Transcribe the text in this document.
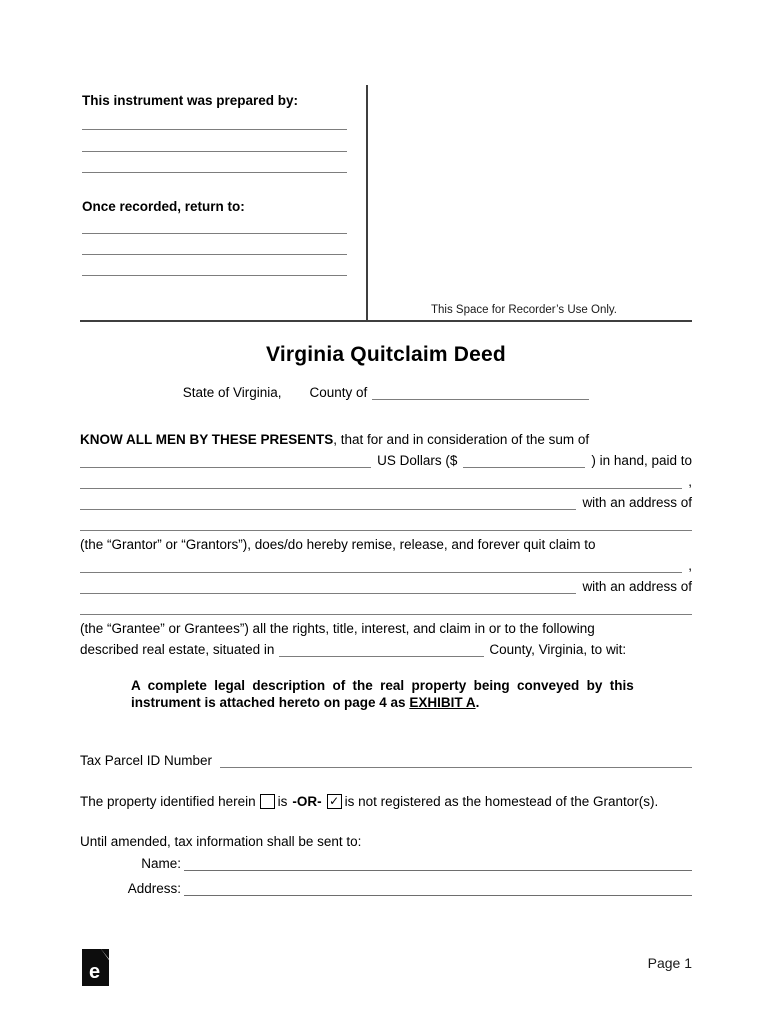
This instrument was prepared by:
Once recorded, return to:
This Space for Recorder’s Use Only.
Virginia Quitclaim Deed
State of Virginia, County of
KNOW ALL MEN BY THESE PRESENTS , that for and in consideration of the sum of
US Dollars ($	) in hand, paid to
,
with an address of
(the “Grantor” or “Grantors”), does/do hereby remise, release, and forever quit claim to
,
with an address of
(the “Grantee” or Grantees”) all the rights, title, interest, and claim in or to the following
described real estate, situated in	County, Virginia, to wit:
A complete legal description of the real property being conveyed by this
instrument is attached hereto on page 4 as EXHIBIT A.
Tax Parcel ID Number
The property identified herein is -OR- ✓ is not registered as the homestead of the Grantor(s).
Until amended, tax information shall be sent to:
Name:
Address:
e	Page 1
